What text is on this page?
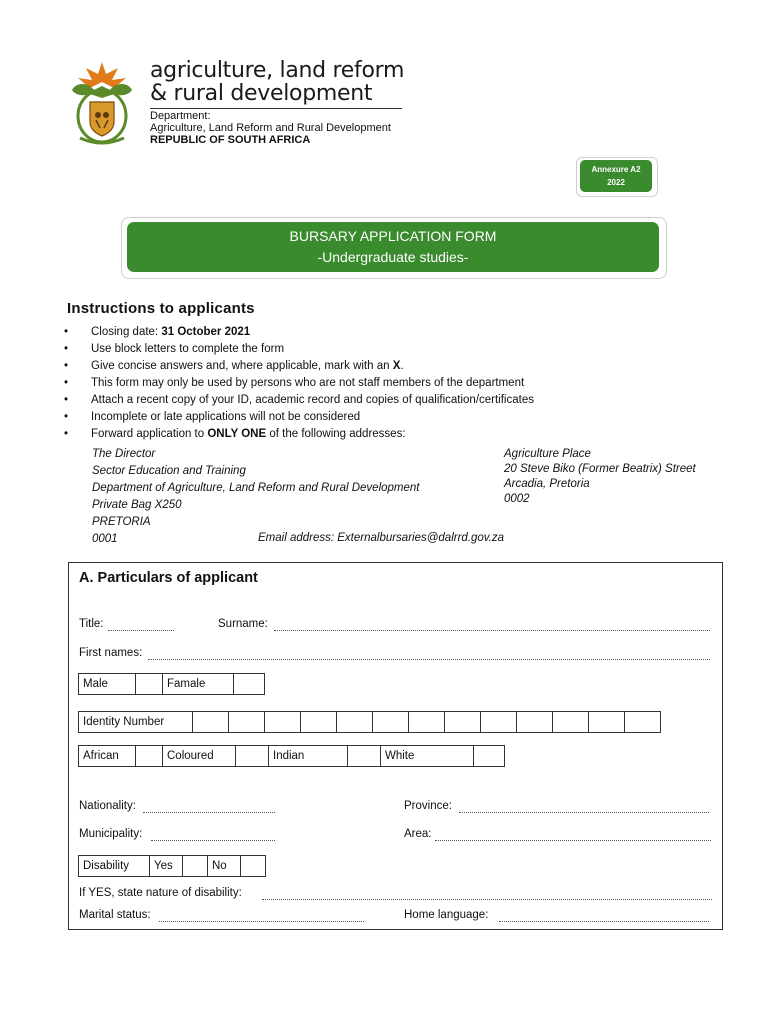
agriculture, land reform
& rural development
Department:
Agriculture, Land Reform and Rural Development
REPUBLIC OF SOUTH AFRICA
Annexure A2
2022
BURSARY APPLICATION FORM
-Undergraduate studies-
Instructions to applicants
• Closing date: 31 October 2021
• Use block letters to complete the form
• Give concise answers and, where applicable, mark with an X.
• This form may only be used by persons who are not staff members of the department
• Attach a recent copy of your ID, academic record and copies of qualification/certificates
• Incomplete or late applications will not be considered
• Forward application to ONLY ONE of the following addresses:
The Director
Sector Education and Training
Department of Agriculture, Land Reform and Rural Development
Private Bag X250
PRETORIA
0001
Agriculture Place
20 Steve Biko (Former Beatrix) Street
Arcadia, Pretoria
0002
Email address: Externalbursaries@dalrrd.gov.za
A. Particulars of applicant
Title:	Surname:
First names:
Male		Famale	
Identity Number													
African		Coloured		Indian		White	
Nationality:	Province:
Municipality:	Area:
Disability	Yes		No	
If YES, state nature of disability:
Marital status:	Home language:
